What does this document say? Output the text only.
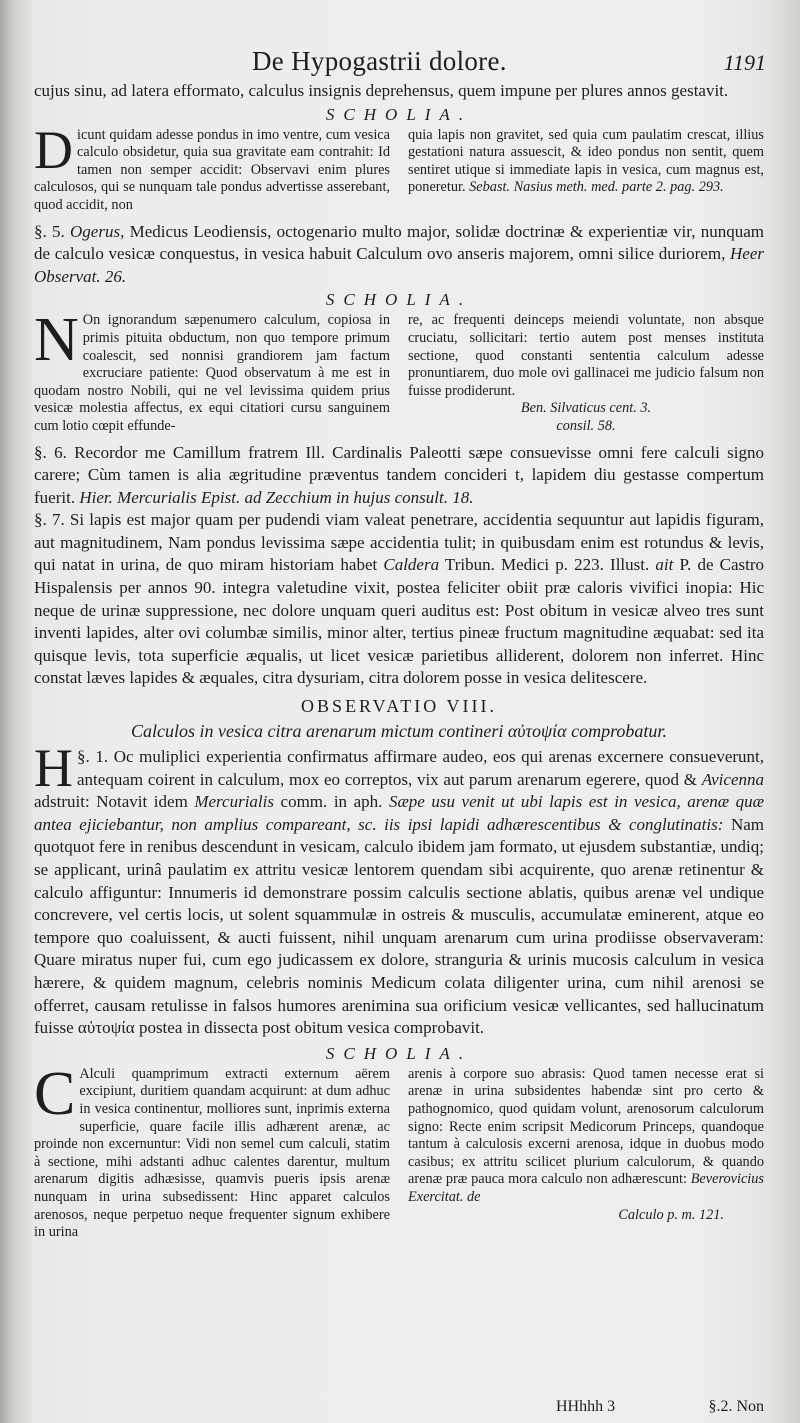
De Hypogastrii dolore.	1191

cujus sinu, ad latera efformato, calculus insignis deprehensus, quem impune per plures annos gestavit.

SCHOLIA.

Dicunt quidam adesse pondus in imo ventre, cum vesica calculo obsidetur, quia sua gravitate eam contrahit: Id tamen non semper accidit: Observavi enim plures calculosos, qui se nunquam tale pondus advertisse asserebant, quod accidit, non

quia lapis non gravitet, sed quia cum paulatim crescat, illius gestationi natura assuescit, & ideo pondus non sentit, quem sentiret utique si immediate lapis in vesica, cum magnus est, poneretur. Sebast. Nasius meth. med. parte 2. pag. 293.

§. 5. Ogerus, Medicus Leodiensis, octogenario multo major, solidæ doctrinæ & experientiæ vir, nunquam de calculo vesicæ conquestus, in vesica habuit Calculum ovo anseris majorem, omni silice duriorem, Heer Observat. 26.

SCHOLIA.

N On ignorandum sæpenumero calculum, copiosa in primis pituita obductum, non quo tempore primum coalescit, sed nonnisi grandiorem jam factum excruciare patiente: Quod observatum à me est in quodam nostro Nobili, qui ne vel levissima quidem prius vesicæ molestia affectus, ex equi citatiori cursu sanguinem cum lotio cœpit effunde-

re, ac frequenti deinceps meiendi voluntate, non absque cruciatu, sollicitari: tertio autem post menses instituta sectione, quod constanti sententia calculum adesse pronuntiarem, duo mole ovi gallinacei me judicio falsum non fuisse prodiderunt.

Ben. Silvaticus cent. 3.
consil. 58.

§. 6. Recordor me Camillum fratrem Ill. Cardinalis Paleotti sæpe consuevisse omni fere calculi signo carere; Cùm tamen is alia ægritudine præventus tandem concideri t, lapidem diu gestasse compertum fuerit. Hier. Mercurialis Epist. ad Zecchium in hujus consult. 18.

§. 7. Si lapis est major quam per pudendi viam valeat penetrare, accidentia sequuntur aut lapidis figuram, aut magnitudinem, Nam pondus levissima sæpe accidentia tulit; in quibusdam enim est rotundus & levis, qui natat in urina, de quo miram historiam habet Caldera Tribun. Medici p. 223. Illust. ait P. de Castro Hispalensis per annos 90. integra valetudine vixit, postea feliciter obiit præ caloris vivifici inopia: Hic neque de urinæ suppressione, nec dolore unquam queri auditus est: Post obitum in vesicæ alveo tres sunt inventi lapides, alter ovi columbæ similis, minor alter, tertius pineæ fructum magnitudine æquabat: sed ita quisque levis, tota superficie æqualis, ut licet vesicæ parietibus alliderent, dolorem non inferret. Hinc constat læves lapides & æquales, citra dysuriam, citra dolorem posse in vesica delitescere.

OBSERVATIO VIII.
Calculos in vesica citra arenarum mictum contineri αὐτοψία comprobatur.

§. 1.
H Oc muliplici experientia confirmatus affirmare audeo, eos qui arenas excernere consueverunt, antequam coirent in calculum, mox eo correptos, vix aut parum arenarum egerere, quod & Avicenna adstruit: Notavit idem Mercurialis comm. in aph. Sæpe usu venit ut ubi lapis est in vesica, arenæ quæ antea ejiciebantur, non amplius compareant, sc. iis ipsi lapidi adhærescentibus & conglutinatis: Nam quotquot fere in renibus descendunt in vesicam, calculo ibidem jam formato, ut ejusdem substantiæ, undiq; se applicant, urinâ paulatim ex attritu vesicæ lentorem quendam sibi acquirente, quo arenæ retinentur & calculo affiguntur: Innumeris id demonstrare possim calculis sectione ablatis, quibus arenæ vel undique concrevere, vel certis locis, ut solent squammulæ in ostreis & musculis, accumulatæ eminerent, atque eo tempore quo coaluissent, & aucti fuissent, nihil unquam arenarum cum urina prodiisse observaveram: Quare miratus nuper fui, cum ego judicassem ex dolore, stranguria & urinis mucosis calculum in vesica hærere, & quidem magnum, celebris nominis Medicum colata diligenter urina, cum nihil arenosi se offerret, causam retulisse in falsos humores arenimina sua orificium vesicæ vellicantes, sed hallucinatum fuisse αὐτοψία postea in dissecta post obitum vesica comprobavit.

SCHOLIA.

C Alculi quamprimum extracti externum aërem excipiunt, duritiem quandam acquirunt: at dum adhuc in vesica continentur, molliores sunt, inprimis externa superficie, quare facile illis adhærent arenæ, ac proinde non excernuntur: Vidi non semel cum calculi, statim à sectione, mihi adstanti adhuc calentes darentur, multum arenarum digitis adhæsisse, quamvis pueris ipsis arenæ nunquam in urina subsedissent: Hinc apparet calculos arenosos, neque perpetuo neque frequenter signum exhibere in urina

arenis à corpore suo abrasis: Quod tamen necesse erat si arenæ in urina subsidentes habendæ sint pro certo & pathognomico, quod quidam volunt, arenosorum calculorum signo: Recte enim scripsit Medicorum Princeps, quandoque tantum à calculosis excerni arenosa, idque in duobus modo casibus; ex attritu scilicet plurium calculorum, & quando arenæ præ pauca mora calculo non adhærescunt: Beverovicius Exercitat. de

Calculo p. m. 121.
HHhhh 3	§.2. Non
